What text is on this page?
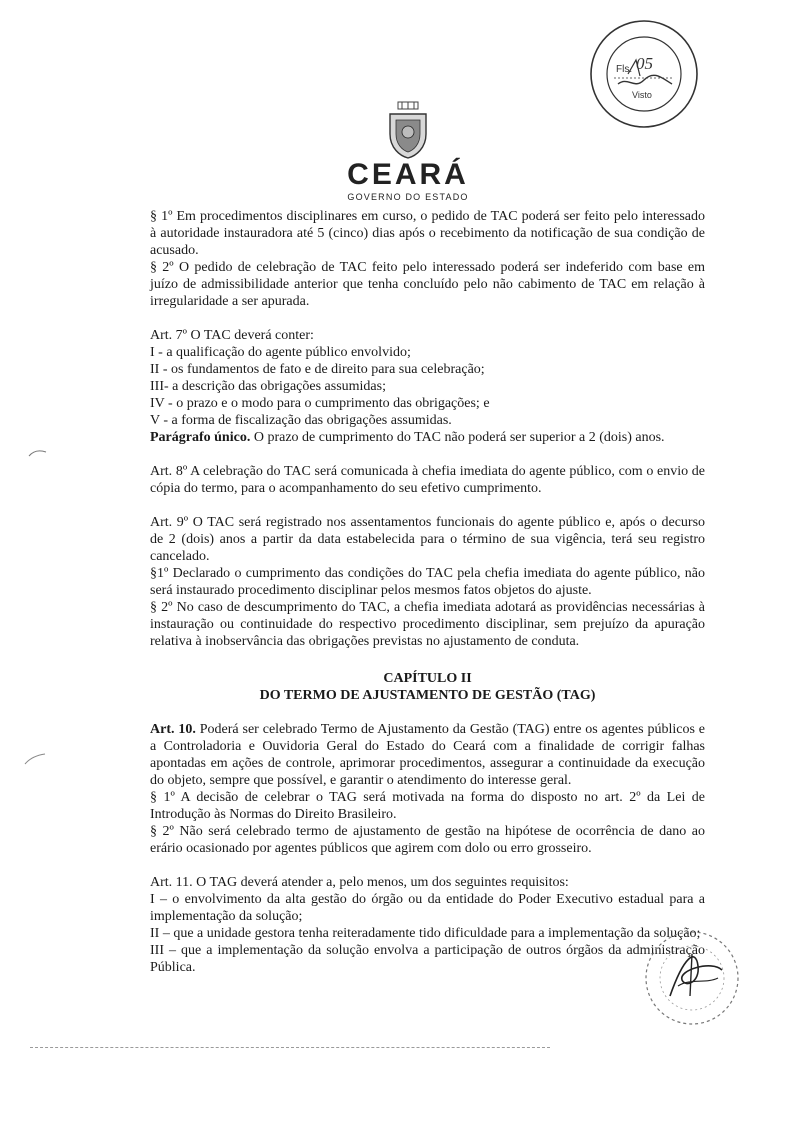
Fls. 05
Visto
CEARÁ
GOVERNO DO ESTADO

§ 1º Em procedimentos disciplinares em curso, o pedido de TAC poderá ser feito pelo interessado à autoridade instauradora até 5 (cinco) dias após o recebimento da notificação de sua condição de acusado.

§ 2º O pedido de celebração de TAC feito pelo interessado poderá ser indeferido com base em juízo de admissibilidade anterior que tenha concluído pelo não cabimento de TAC em relação à irregularidade a ser apurada.

Art. 7º O TAC deverá conter:

I - a qualificação do agente público envolvido;

II - os fundamentos de fato e de direito para sua celebração;

III- a descrição das obrigações assumidas;

IV - o prazo e o modo para o cumprimento das obrigações; e

V - a forma de fiscalização das obrigações assumidas.

Parágrafo único. O prazo de cumprimento do TAC não poderá ser superior a 2 (dois) anos.

Art. 8º A celebração do TAC será comunicada à chefia imediata do agente público, com o envio de cópia do termo, para o acompanhamento do seu efetivo cumprimento.

Art. 9º O TAC será registrado nos assentamentos funcionais do agente público e, após o decurso de 2 (dois) anos a partir da data estabelecida para o término de sua vigência, terá seu registro cancelado.

§1º Declarado o cumprimento das condições do TAC pela chefia imediata do agente público, não será instaurado procedimento disciplinar pelos mesmos fatos objetos do ajuste.

§ 2º No caso de descumprimento do TAC, a chefia imediata adotará as providências necessárias à instauração ou continuidade do respectivo procedimento disciplinar, sem prejuízo da apuração relativa à inobservância das obrigações previstas no ajustamento de conduta.

CAPÍTULO II

DO TERMO DE AJUSTAMENTO DE GESTÃO (TAG)

Art. 10. Poderá ser celebrado Termo de Ajustamento da Gestão (TAG) entre os agentes públicos e a Controladoria e Ouvidoria Geral do Estado do Ceará com a finalidade de corrigir falhas apontadas em ações de controle, aprimorar procedimentos, assegurar a continuidade da execução do objeto, sempre que possível, e garantir o atendimento do interesse geral.

§ 1º A decisão de celebrar o TAG será motivada na forma do disposto no art. 2º da Lei de Introdução às Normas do Direito Brasileiro.

§ 2º Não será celebrado termo de ajustamento de gestão na hipótese de ocorrência de dano ao erário ocasionado por agentes públicos que agirem com dolo ou erro grosseiro.

Art. 11. O TAG deverá atender a, pelo menos, um dos seguintes requisitos:

I – o envolvimento da alta gestão do órgão ou da entidade do Poder Executivo estadual para a implementação da solução;

II – que a unidade gestora tenha reiteradamente tido dificuldade para a implementação da solução;

III – que a implementação da solução envolva a participação de outros órgãos da administração Pública.
